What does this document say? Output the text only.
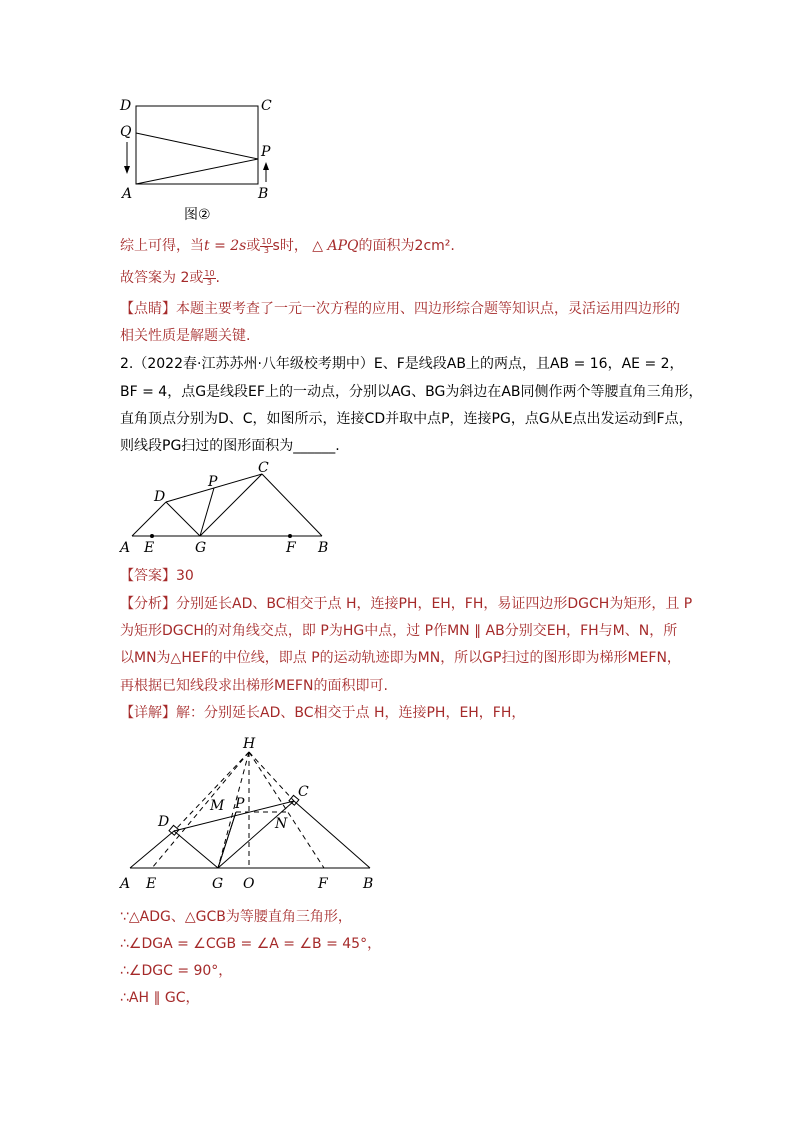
D	C
Q
P
A	B
图②
综上可得，当t = 2s或 $\frac{10}{3}$ s时， △ APQ的面积为2cm².
故答案为 2或 $\frac{10}{3}$ .
【点睛】本题主要考查了一元一次方程的应用、四边形综合题等知识点，灵活运用四边形的
相关性质是解题关键.
2.（2022春·江苏苏州·八年级校考期中）E、F是线段AB上的两点，且AB = 16，AE = 2，
BF = 4，点G是线段EF上的一动点，分别以AG、BG为斜边在AB同侧作两个等腰直角三角形，
直角顶点分别为D、C，如图所示，连接CD并取中点P，连接PG，点G从E点出发运动到F点，
则线段PG扫过的图形面积为______.
A E	G	F B
D
P
C
【答案】30
【分析】分别延长AD、BC相交于点 H，连接PH，EH，FH，易证四边形DGCH为矩形，且 P
为矩形DGCH的对角线交点，即 P为HG中点，过 P作MN ∥ AB分别交EH，FH与M、N，所
以MN为△HEF的中位线，即点 P的运动轨迹即为MN，所以GP扫过的图形即为梯形MEFN，
再根据已知线段求出梯形MEFN的面积即可.
【详解】解：分别延长AD、BC相交于点 H，连接PH，EH，FH，
H
C
M P
D	N
A E	G O	F	B
∵△ADG、△GCB为等腰直角三角形，
∴∠DGA = ∠CGB = ∠A = ∠B = 45°，
∴∠DGC = 90°，
∴AH ∥ GC，
